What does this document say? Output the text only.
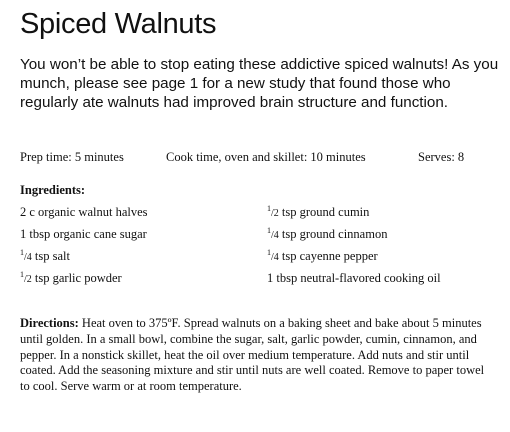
Spiced Walnuts
You won’t be able to stop eating these addictive spiced walnuts! As you munch, please see page 1 for a new study that found those who regularly ate walnuts had improved brain structure and function.
Prep time: 5 minutes	Cook time, oven and skillet: 10 minutes	Serves: 8
Ingredients:
2 c organic walnut halves
1 tbsp organic cane sugar
$^1$/4 tsp salt
$^1$/2 tsp garlic powder
$^1$/2 tsp ground cumin
$^1$/4 tsp ground cinnamon
$^1$/4 tsp cayenne pepper
1 tbsp neutral-flavored cooking oil
Directions: Heat oven to 375ºF. Spread walnuts on a baking sheet and bake about 5 minutes until golden. In a small bowl, combine the sugar, salt, garlic powder, cumin, cinnamon, and pepper. In a nonstick skillet, heat the oil over medium temperature. Add nuts and stir until coated. Add the seasoning mixture and stir until nuts are well coated. Remove to paper towel to cool. Serve warm or at room temperature.
